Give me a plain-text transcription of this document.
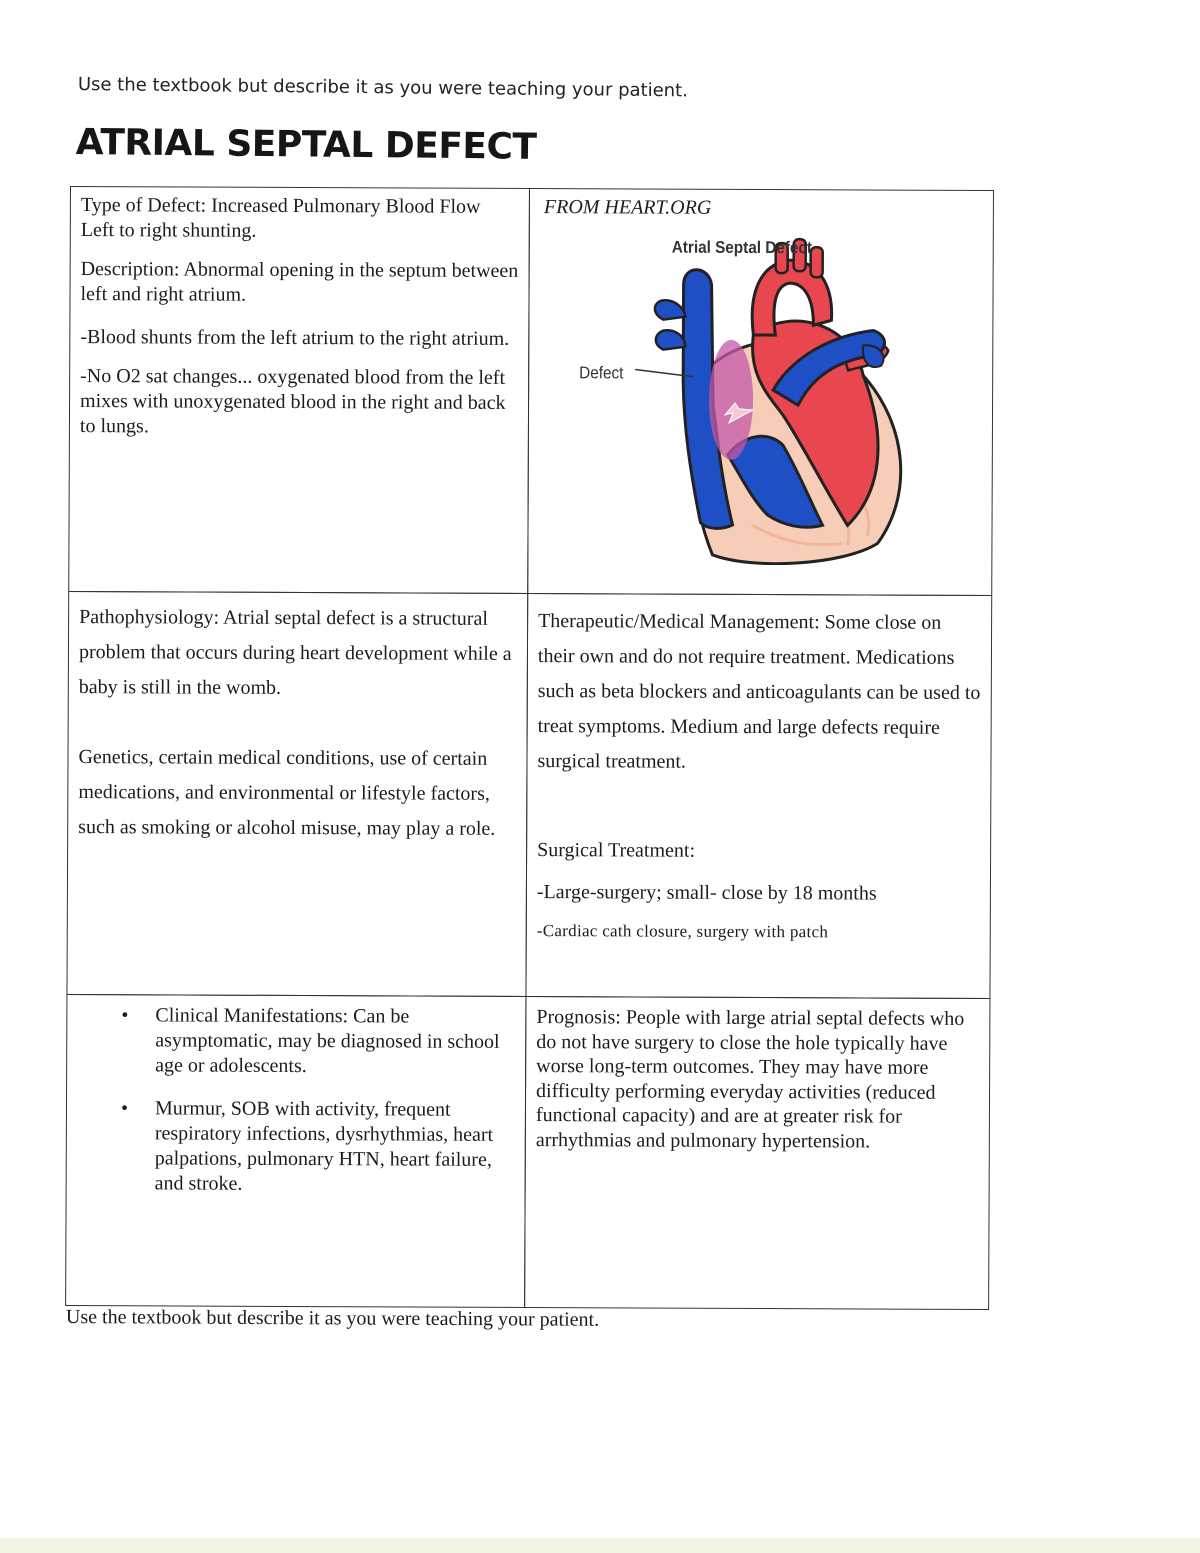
Use the textbook but describe it as you were teaching your patient.
ATRIAL SEPTAL DEFECT

Type of Defect: Increased Pulmonary Blood Flow
Left to right shunting.

Description: Abnormal opening in the septum between left and right atrium.

-Blood shunts from the left atrium to the right atrium.

-No O2 sat changes... oxygenated blood from the left mixes with unoxygenated blood in the right and back to lungs.

FROM HEART.ORG

Atrial Septal Defect
Defect

Pathophysiology: Atrial septal defect is a structural problem that occurs during heart development while a baby is still in the womb.

Genetics, certain medical conditions, use of certain medications, and environmental or lifestyle factors, such as smoking or alcohol misuse, may play a role.

Therapeutic/Medical Management: Some close on their own and do not require treatment. Medications such as beta blockers and anticoagulants can be used to treat symptoms. Medium and large defects require surgical treatment.

Surgical Treatment:

-Large-surgery; small- close by 18 months

-Cardiac cath closure, surgery with patch

• Clinical Manifestations: Can be asymptomatic, may be diagnosed in school age or adolescents.
• Murmur, SOB with activity, frequent respiratory infections, dysrhythmias, heart palpations, pulmonary HTN, heart failure, and stroke.

Prognosis: People with large atrial septal defects who do not have surgery to close the hole typically have worse long-term outcomes. They may have more difficulty performing everyday activities (reduced functional capacity) and are at greater risk for arrhythmias and pulmonary hypertension.

Use the textbook but describe it as you were teaching your patient.
